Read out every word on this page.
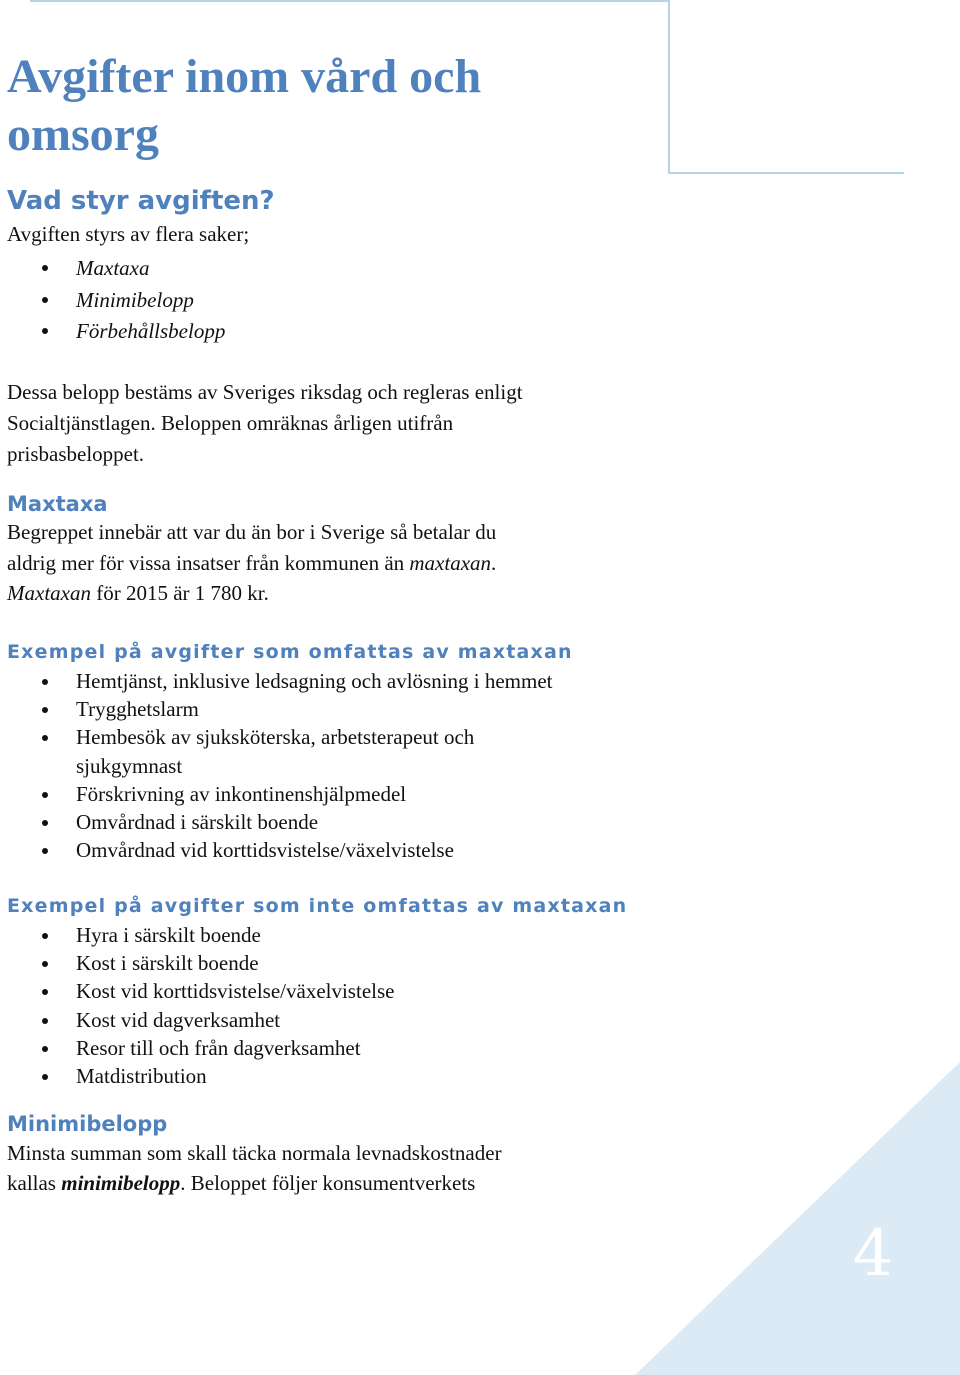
4
Avgifter inom vård och omsorg
Vad styr avgiften?

Avgiften styrs av flera saker;

Maxtaxa
Minimibelopp
Förbehållsbelopp
Dessa belopp bestäms av Sveriges riksdag och regleras enligt
Socialtjänstlagen. Beloppen omräknas årligen utifrån
prisbasbeloppet.
Maxtaxa
Begreppet innebär att var du än bor i Sverige så betalar du
aldrig mer för vissa insatser från kommunen än maxtaxan.
Maxtaxan för 2015 är 1 780 kr.
Exempel på avgifter som omfattas av maxtaxan
Hemtjänst, inklusive ledsagning och avlösning i hemmet
Trygghetslarm
Hembesök av sjuksköterska, arbetsterapeut och
sjukgymnast
Förskrivning av inkontinenshjälpmedel
Omvårdnad i särskilt boende
Omvårdnad vid korttidsvistelse/växelvistelse
Exempel på avgifter som inte omfattas av maxtaxan
Hyra i särskilt boende
Kost i särskilt boende
Kost vid korttidsvistelse/växelvistelse
Kost vid dagverksamhet
Resor till och från dagverksamhet
Matdistribution
Minimibelopp
Minsta summan som skall täcka normala levnadskostnader
kallas minimibelopp. Beloppet följer konsumentverkets
